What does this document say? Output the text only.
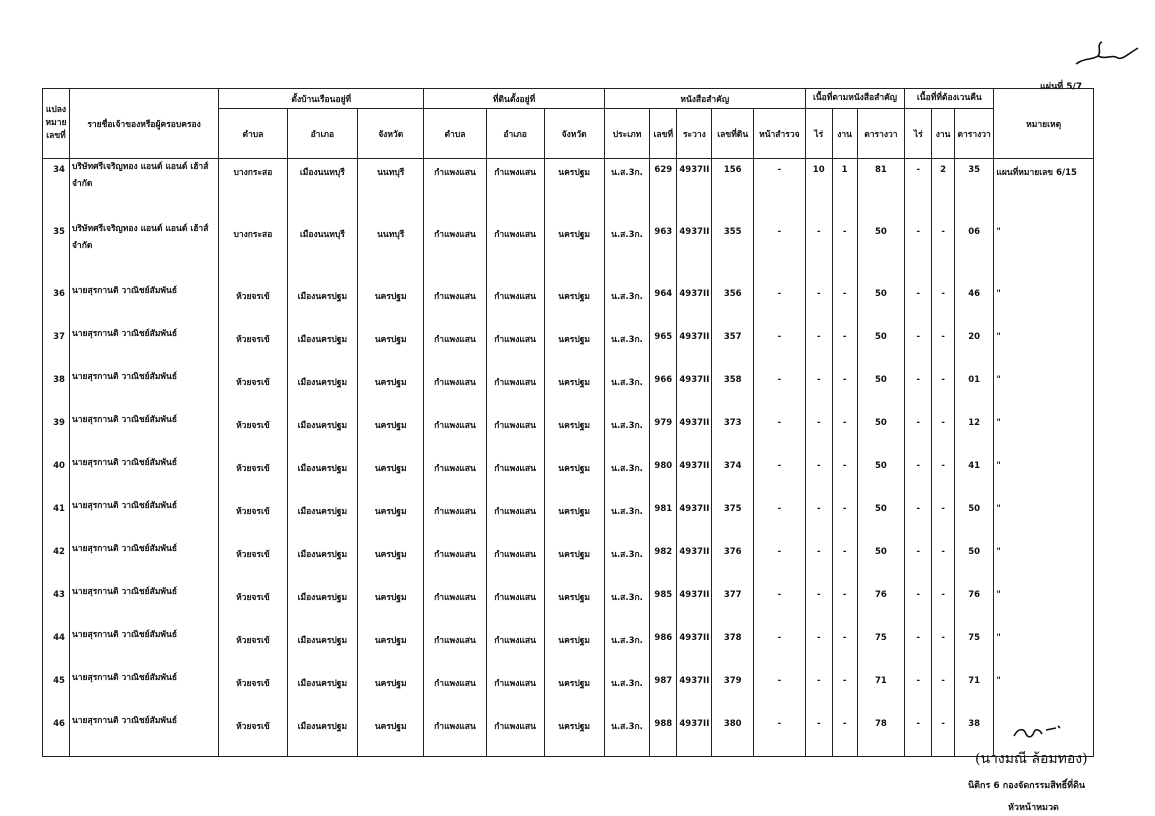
แผ่นที่ 5/7
แปลง
หมาย
เลขที่	รายชื่อเจ้าของหรือผู้ครอบครอง	ตั้งบ้านเรือนอยู่ที่			ที่ดินตั้งอยู่ที่			หนังสือสำคัญ					เนื้อที่ตามหนังสือสำคัญ			เนื้อที่ที่ต้องเวนคืน			หมายเหตุ
		ตำบล	อำเภอ	จังหวัด	ตำบล	อำเภอ	จังหวัด	ประเภท	เลขที่	ระวาง	เลขที่ดิน	หน้าสำรวจ	ไร่	งาน	ตารางวา	ไร่	งาน	ตารางวา	
34	บริษัทศรีเจริญทอง แอนด์ แอนด์ เฮ้าส์ จำกัด	บางกระสอ	เมืองนนทบุรี	นนทบุรี	กำแพงแสน	กำแพงแสน	นครปฐม	น.ส.3ก.	629	4937II	156	-	10	1	81	-	2	35	แผนที่หมายเลข 6/15
35	บริษัทศรีเจริญทอง แอนด์ แอนด์ เฮ้าส์ จำกัด	บางกระสอ	เมืองนนทบุรี	นนทบุรี	กำแพงแสน	กำแพงแสน	นครปฐม	น.ส.3ก.	963	4937II	355	-	-	-	50	-	-	06	"
36	นายสุรกานติ วาณิชย์สัมพันธ์	ห้วยจรเข้	เมืองนครปฐม	นครปฐม	กำแพงแสน	กำแพงแสน	นครปฐม	น.ส.3ก.	964	4937II	356	-	-	-	50	-	-	46	"
37	นายสุรกานติ วาณิชย์สัมพันธ์	ห้วยจรเข้	เมืองนครปฐม	นครปฐม	กำแพงแสน	กำแพงแสน	นครปฐม	น.ส.3ก.	965	4937II	357	-	-	-	50	-	-	20	"
38	นายสุรกานติ วาณิชย์สัมพันธ์	ห้วยจรเข้	เมืองนครปฐม	นครปฐม	กำแพงแสน	กำแพงแสน	นครปฐม	น.ส.3ก.	966	4937II	358	-	-	-	50	-	-	01	"
39	นายสุรกานติ วาณิชย์สัมพันธ์	ห้วยจรเข้	เมืองนครปฐม	นครปฐม	กำแพงแสน	กำแพงแสน	นครปฐม	น.ส.3ก.	979	4937II	373	-	-	-	50	-	-	12	"
40	นายสุรกานติ วาณิชย์สัมพันธ์	ห้วยจรเข้	เมืองนครปฐม	นครปฐม	กำแพงแสน	กำแพงแสน	นครปฐม	น.ส.3ก.	980	4937II	374	-	-	-	50	-	-	41	"
41	นายสุรกานติ วาณิชย์สัมพันธ์	ห้วยจรเข้	เมืองนครปฐม	นครปฐม	กำแพงแสน	กำแพงแสน	นครปฐม	น.ส.3ก.	981	4937II	375	-	-	-	50	-	-	50	"
42	นายสุรกานติ วาณิชย์สัมพันธ์	ห้วยจรเข้	เมืองนครปฐม	นครปฐม	กำแพงแสน	กำแพงแสน	นครปฐม	น.ส.3ก.	982	4937II	376	-	-	-	50	-	-	50	"
43	นายสุรกานติ วาณิชย์สัมพันธ์	ห้วยจรเข้	เมืองนครปฐม	นครปฐม	กำแพงแสน	กำแพงแสน	นครปฐม	น.ส.3ก.	985	4937II	377	-	-	-	76	-	-	76	"
44	นายสุรกานติ วาณิชย์สัมพันธ์	ห้วยจรเข้	เมืองนครปฐม	นครปฐม	กำแพงแสน	กำแพงแสน	นครปฐม	น.ส.3ก.	986	4937II	378	-	-	-	75	-	-	75	"
45	นายสุรกานติ วาณิชย์สัมพันธ์	ห้วยจรเข้	เมืองนครปฐม	นครปฐม	กำแพงแสน	กำแพงแสน	นครปฐม	น.ส.3ก.	987	4937II	379	-	-	-	71	-	-	71	"
46	นายสุรกานติ วาณิชย์สัมพันธ์	ห้วยจรเข้	เมืองนครปฐม	นครปฐม	กำแพงแสน	กำแพงแสน	นครปฐม	น.ส.3ก.	988	4937II	380	-	-	-	78	-	-	38	
(นางมณี ล้อมทอง)
นิติกร 6 กองจัดกรรมสิทธิ์ที่ดิน
หัวหน้าหมวด
